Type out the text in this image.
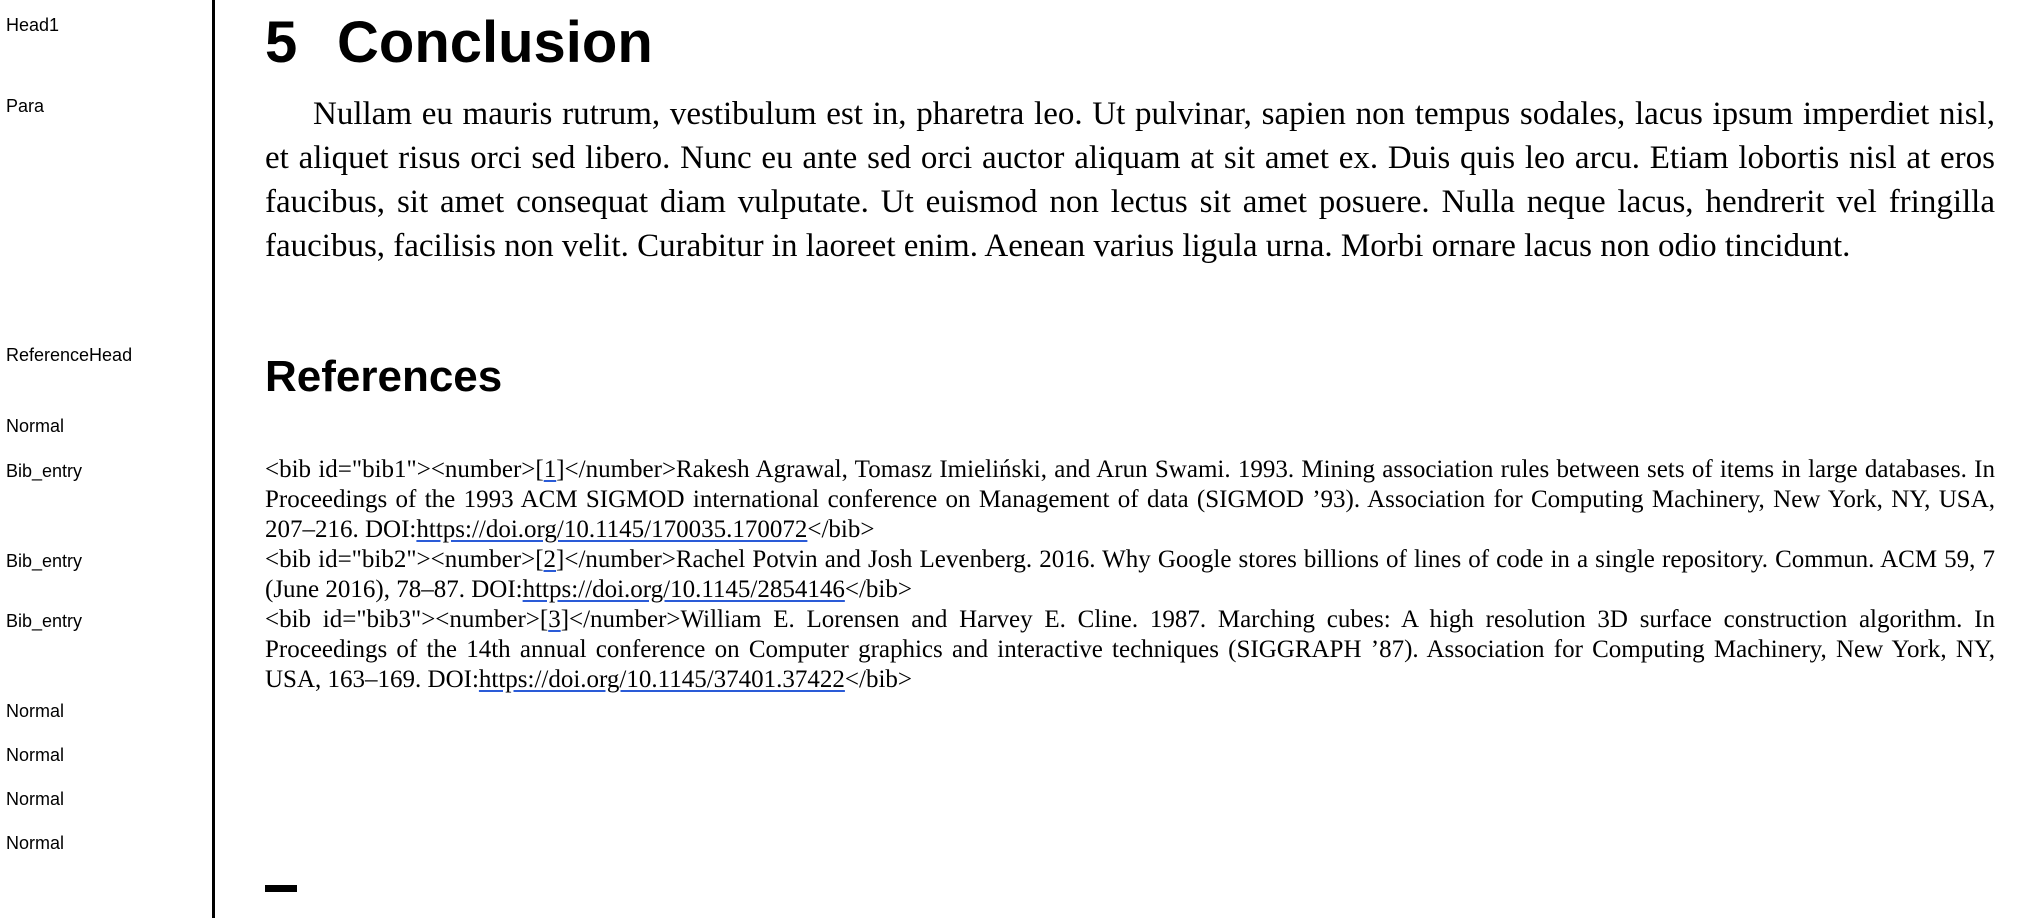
Head1
Para
ReferenceHead
Normal
Bib_entry
Bib_entry
Bib_entry
Normal
Normal
Normal
Normal
5 Conclusion

Nullam eu mauris rutrum, vestibulum est in, pharetra leo. Ut pulvinar, sapien non tempus sodales, lacus ipsum imperdiet nisl, et aliquet risus orci sed libero. Nunc eu ante sed orci auctor aliquam at sit amet ex. Duis quis leo arcu. Etiam lobortis nisl at eros faucibus, sit amet consequat diam vulputate. Ut euismod non lectus sit amet posuere. Nulla neque lacus, hendrerit vel fringilla faucibus, facilisis non velit. Curabitur in laoreet enim. Aenean varius ligula urna. Morbi ornare lacus non odio tincidunt.

References

<bib id="bib1"><number>[1]</number>Rakesh Agrawal, Tomasz Imieliński, and Arun Swami. 1993. Mining association rules between sets of items in large databases. In Proceedings of the 1993 ACM SIGMOD international conference on Management of data (SIGMOD ’93). Association for Computing Machinery, New York, NY, USA, 207–216. DOI:https://doi.org/10.1145/170035.170072</bib>

<bib id="bib2"><number>[2]</number>Rachel Potvin and Josh Levenberg. 2016. Why Google stores billions of lines of code in a single repository. Commun. ACM 59, 7 (June 2016), 78–87. DOI:https://doi.org/10.1145/2854146</bib>

<bib id="bib3"><number>[3]</number>William E. Lorensen and Harvey E. Cline. 1987. Marching cubes: A high resolution 3D surface construction algorithm. In Proceedings of the 14th annual conference on Computer graphics and interactive techniques (SIGGRAPH ’87). Association for Computing Machinery, New York, NY, USA, 163–169. DOI:https://doi.org/10.1145/37401.37422</bib>
